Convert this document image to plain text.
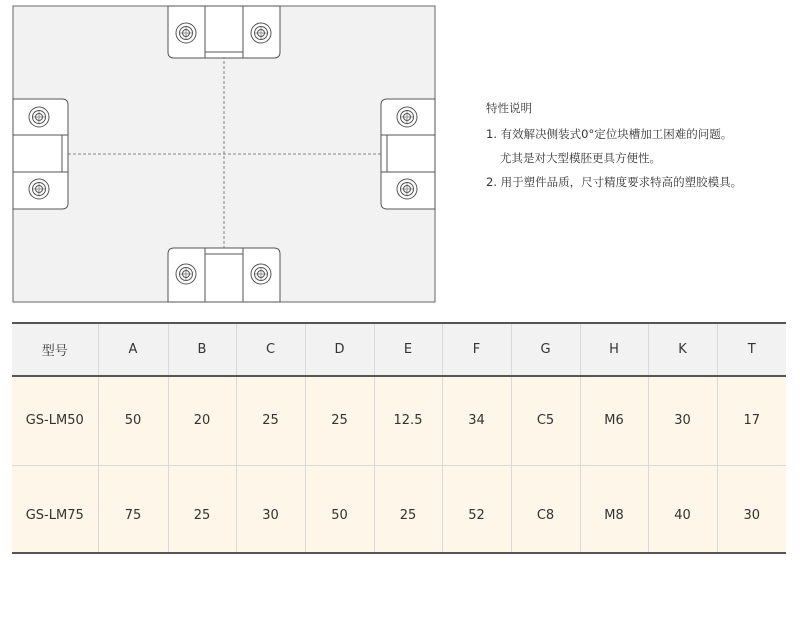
特性说明
1. 有效解决侧装式0°定位块槽加工困难的问题。
尤其是对大型模胚更具方便性。
2. 用于塑件品质，尺寸精度要求特高的塑胶模具。
型号	A	B	C	D	E	F	G	H	K	T
GS-LM50	50	20	25	25	12.5	34	C5	M6	30	17
GS-LM75	75	25	30	50	25	52	C8	M8	40	30
